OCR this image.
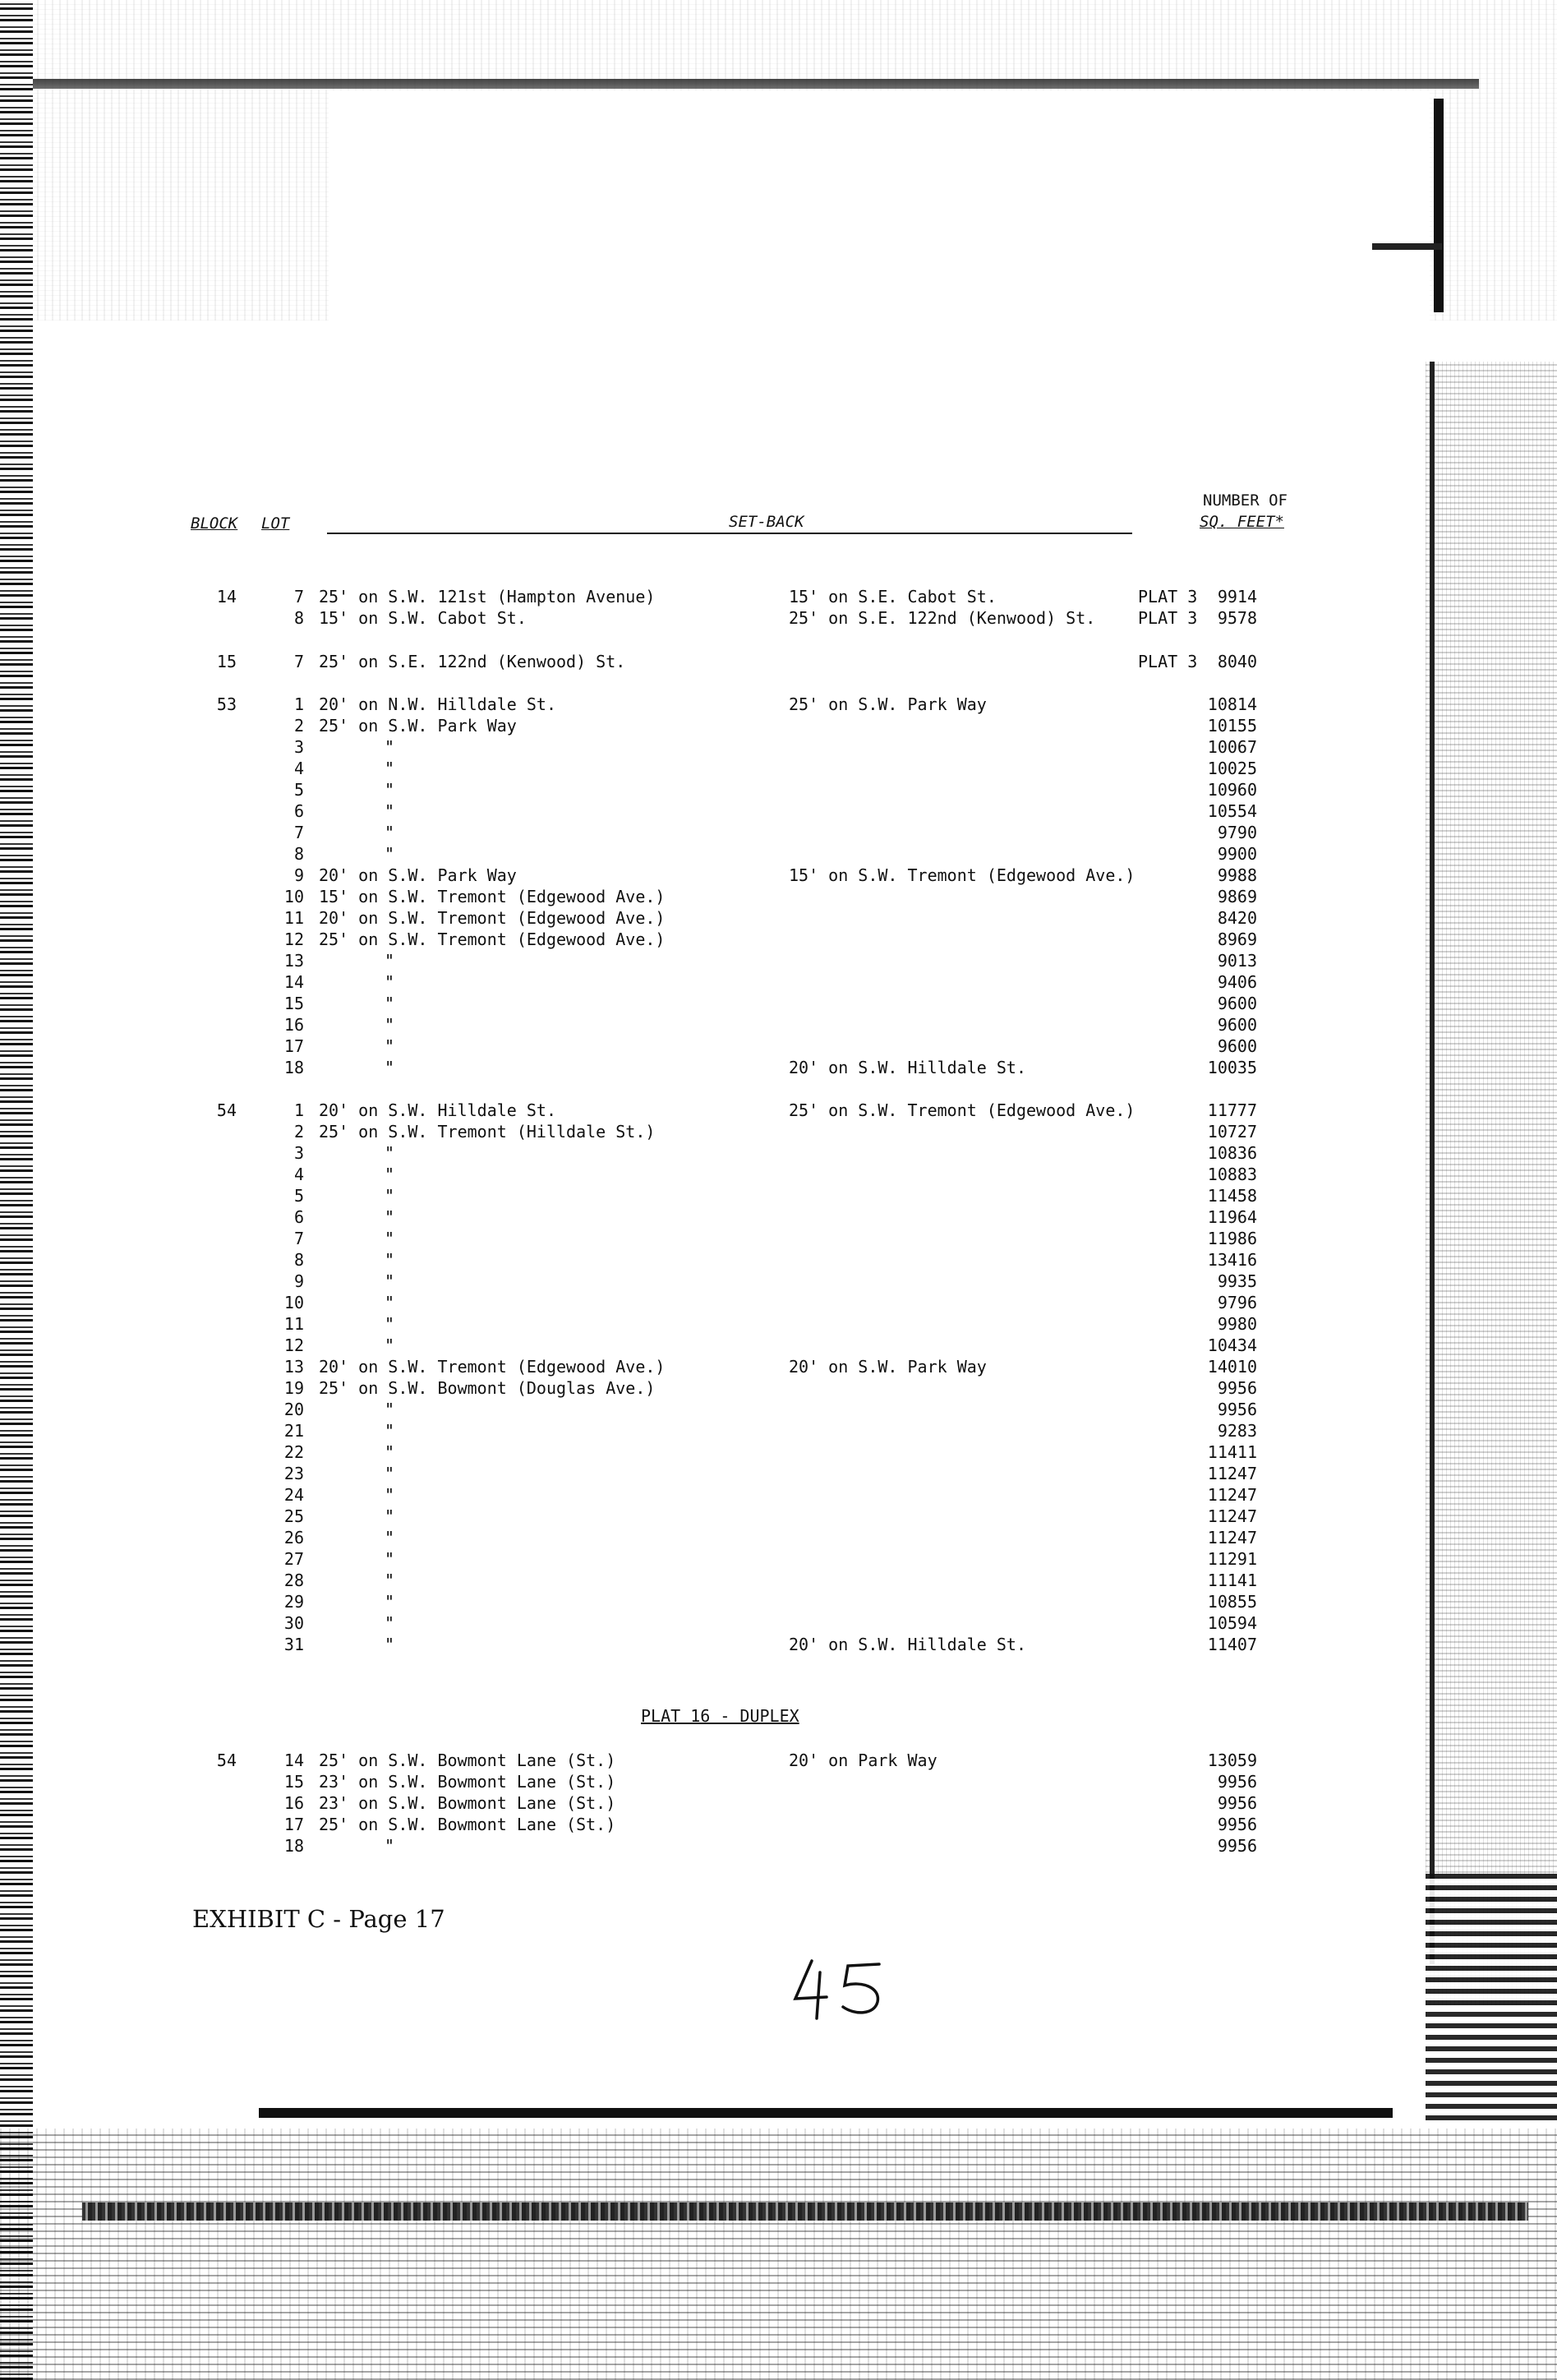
BLOCK LOT	SET-BACK
NUMBER OF
SQ. FEET*
14	7 25' on S.W. 121st (Hampton Avenue)	15' on S.E. Cabot St.	PLAT 3	9914
8 15' on S.W. Cabot St.	25' on S.E. 122nd (Kenwood) St.	PLAT 3	9578
15	7 25' on S.E. 122nd (Kenwood) St.	PLAT 3	8040
53	1 20' on N.W. Hilldale St.	25' on S.W. Park Way	10814
2 25' on S.W. Park Way	10155
3	"	10067
4	"	10025
5	"	10960
6	"	10554
7	"	9790
8	"	9900
9 20' on S.W. Park Way	15' on S.W. Tremont (Edgewood Ave.)	9988
10 15' on S.W. Tremont (Edgewood Ave.)	9869
11 20' on S.W. Tremont (Edgewood Ave.)	8420
12 25' on S.W. Tremont (Edgewood Ave.)	8969
13	"	9013
14	"	9406
15	"	9600
16	"	9600
17	"	9600
18	"	20' on S.W. Hilldale St.	10035
54	1 20' on S.W. Hilldale St.	25' on S.W. Tremont (Edgewood Ave.)	11777
2 25' on S.W. Tremont (Hilldale St.)	10727
3	"	10836
4	"	10883
5	"	11458
6	"	11964
7	"	11986
8	"	13416
9	"	9935
10	"	9796
11	"	9980
12	"	10434
13 20' on S.W. Tremont (Edgewood Ave.)	20' on S.W. Park Way	14010
19 25' on S.W. Bowmont (Douglas Ave.)	9956
20	"	9956
21	"	9283
22	"	11411
23	"	11247
24	"	11247
25	"	11247
26	"	11247
27	"	11291
28	"	11141
29	"	10855
30	"	10594
31	"	20' on S.W. Hilldale St.	11407
PLAT 16 - DUPLEX
54	14 25' on S.W. Bowmont Lane (St.)	20' on Park Way	13059
15 23' on S.W. Bowmont Lane (St.)	9956
16 23' on S.W. Bowmont Lane (St.)	9956
17 25' on S.W. Bowmont Lane (St.)	9956
18	"	9956
EXHIBIT C - Page 17
